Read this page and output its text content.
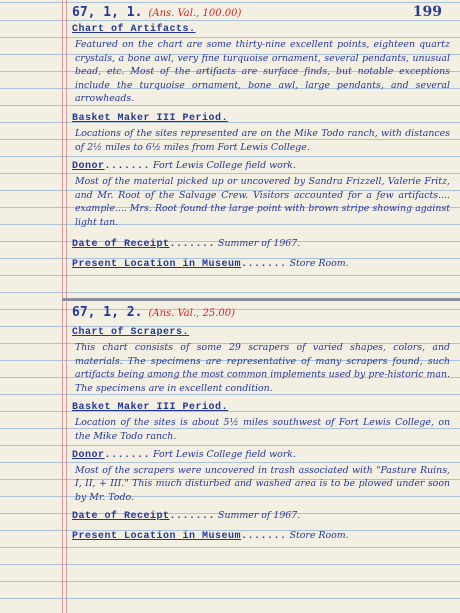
199
67, 1, 1. (Ans. Val., 100.00)
Chart of Artifacts.

Featured on the chart are some thirty-nine excellent points, eighteen quartz crystals, a bone awl, very fine turquoise ornament, several pendants, unusual bead, etc. Most of the artifacts are surface finds, but notable exceptions include the turquoise ornament, bone awl, large pendants, and several arrowheads.

Basket Maker III Period.

Locations of the sites represented are on the Mike Todo ranch, with distances of 2½ miles to 6½ miles from Fort Lewis College.

Donor ....... Fort Lewis College field work.

Most of the material picked up or uncovered by Sandra Frizzell, Valerie Fritz, and Mr. Root of the Salvage Crew. Visitors accounted for a few artifacts.... example.... Mrs. Root found the large point with brown stripe showing against light tan.

Date of Receipt ....... Summer of 1967.
Present Location in Museum ....... Store Room.
67, 1, 2. (Ans. Val., 25.00)
Chart of Scrapers.

This chart consists of some 29 scrapers of varied shapes, colors, and materials. The specimens are representative of many scrapers found, such artifacts being among the most common implements used by pre-historic man. The specimens are in excellent condition.

Basket Maker III Period.

Location of the sites is about 5½ miles southwest of Fort Lewis College, on the Mike Todo ranch.

Donor ....... Fort Lewis College field work.

Most of the scrapers were uncovered in trash associated with "Pasture Ruins, I, II, + III." This much disturbed and washed area is to be plowed under soon by Mr. Todo.

Date of Receipt ....... Summer of 1967.
Present Location in Museum ....... Store Room.
